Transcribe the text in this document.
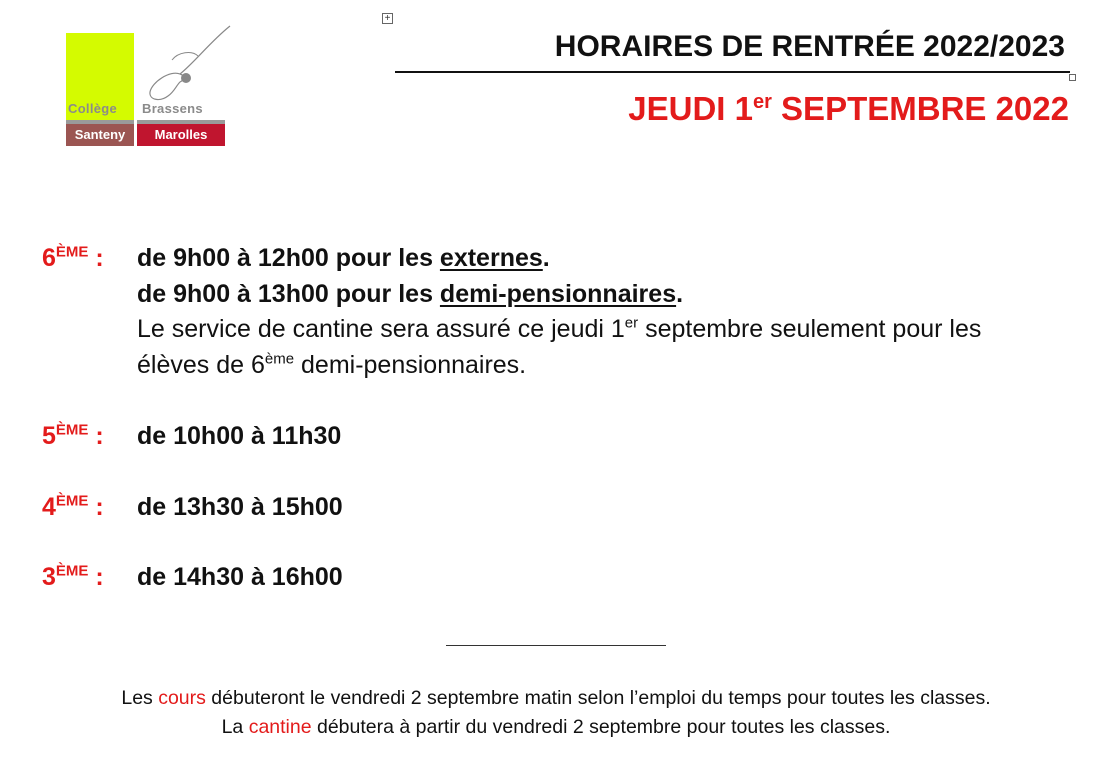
Collège Brassens
Santeny	Marolles
+
HORAIRES DE RENTRÉE 2022/2023
JEUDI 1er SEPTEMBRE 2022
6ÈME : de 9h00 à 12h00 pour les externes.
de 9h00 à 13h00 pour les demi-pensionnaires.
Le service de cantine sera assuré ce jeudi 1er septembre seulement pour les
élèves de 6ème demi-pensionnaires.
5ÈME : de 10h00 à 11h30
4ÈME : de 13h30 à 15h00
3ÈME : de 14h30 à 16h00
Les cours débuteront le vendredi 2 septembre matin selon l’emploi du temps pour toutes les classes.
La cantine débutera à partir du vendredi 2 septembre pour toutes les classes.
